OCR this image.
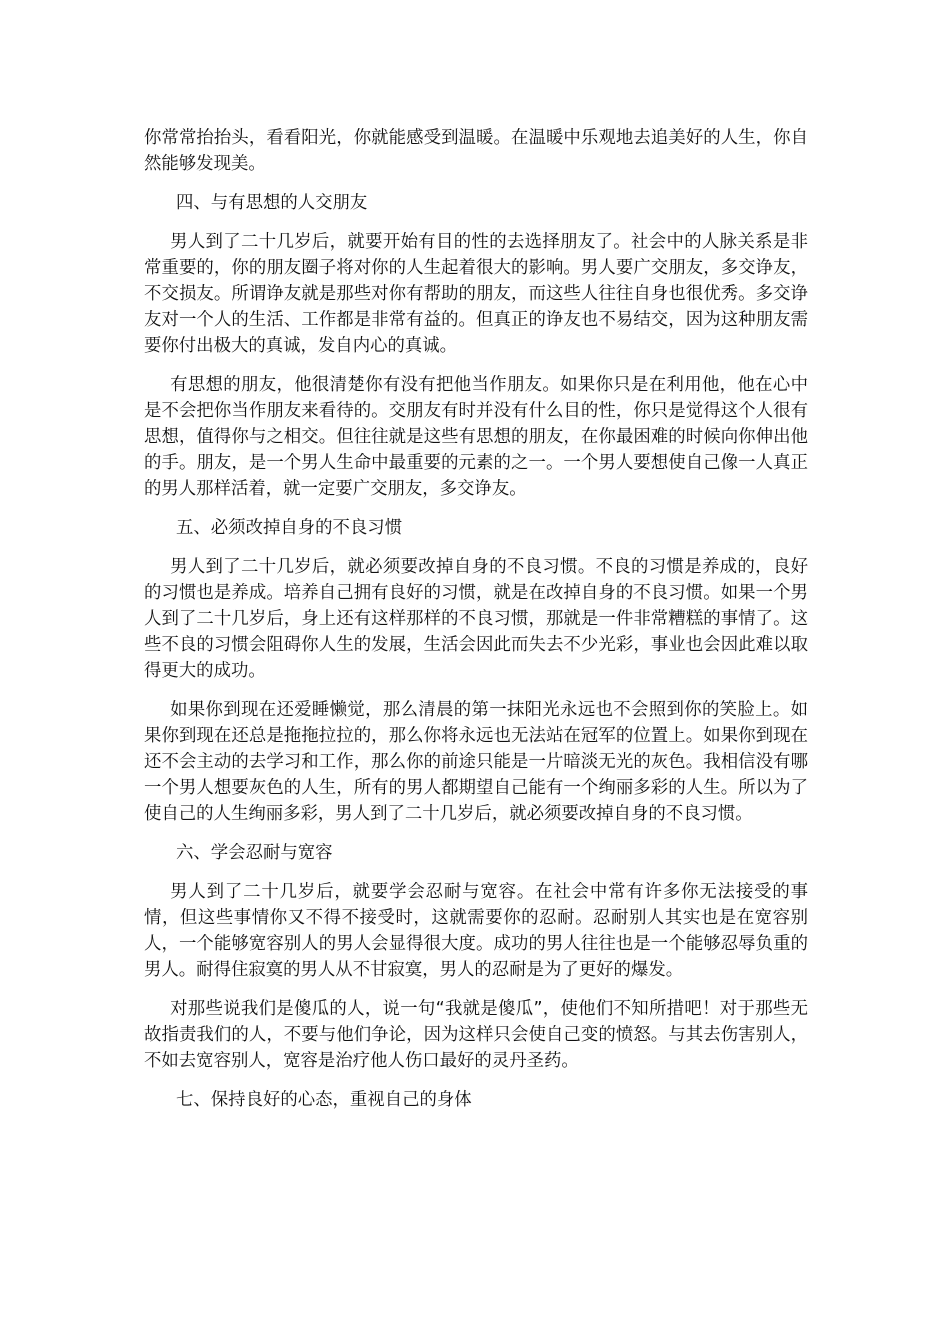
你常常抬抬头，看看阳光，你就能感受到温暖。在温暖中乐观地去追美好的人生，你自然能够发现美。

四、与有思想的人交朋友

男人到了二十几岁后，就要开始有目的性的去选择朋友了。社会中的人脉关系是非常重要的，你的朋友圈子将对你的人生起着很大的影响。男人要广交朋友，多交诤友，不交损友。所谓诤友就是那些对你有帮助的朋友，而这些人往往自身也很优秀。多交诤友对一个人的生活、工作都是非常有益的。但真正的诤友也不易结交，因为这种朋友需要你付出极大的真诚，发自内心的真诚。

有思想的朋友，他很清楚你有没有把他当作朋友。如果你只是在利用他，他在心中是不会把你当作朋友来看待的。交朋友有时并没有什么目的性，你只是觉得这个人很有思想，值得你与之相交。但往往就是这些有思想的朋友，在你最困难的时候向你伸出他的手。朋友，是一个男人生命中最重要的元素的之一。一个男人要想使自己像一人真正的男人那样活着，就一定要广交朋友，多交诤友。

五、必须改掉自身的不良习惯

男人到了二十几岁后，就必须要改掉自身的不良习惯。不良的习惯是养成的，良好的习惯也是养成。培养自己拥有良好的习惯，就是在改掉自身的不良习惯。如果一个男人到了二十几岁后，身上还有这样那样的不良习惯，那就是一件非常糟糕的事情了。这些不良的习惯会阻碍你人生的发展，生活会因此而失去不少光彩，事业也会因此难以取得更大的成功。

如果你到现在还爱睡懒觉，那么清晨的第一抹阳光永远也不会照到你的笑脸上。如果你到现在还总是拖拖拉拉的，那么你将永远也无法站在冠军的位置上。如果你到现在还不会主动的去学习和工作，那么你的前途只能是一片暗淡无光的灰色。我相信没有哪一个男人想要灰色的人生，所有的男人都期望自己能有一个绚丽多彩的人生。所以为了使自己的人生绚丽多彩，男人到了二十几岁后，就必须要改掉自身的不良习惯。

六、学会忍耐与宽容

男人到了二十几岁后，就要学会忍耐与宽容。在社会中常有许多你无法接受的事情，但这些事情你又不得不接受时，这就需要你的忍耐。忍耐别人其实也是在宽容别人，一个能够宽容别人的男人会显得很大度。成功的男人往往也是一个能够忍辱负重的男人。耐得住寂寞的男人从不甘寂寞，男人的忍耐是为了更好的爆发。

对那些说我们是傻瓜的人，说一句“我就是傻瓜”，使他们不知所措吧！对于那些无故指责我们的人，不要与他们争论，因为这样只会使自己变的愤怒。与其去伤害别人，不如去宽容别人，宽容是治疗他人伤口最好的灵丹圣药。

七、保持良好的心态，重视自己的身体
